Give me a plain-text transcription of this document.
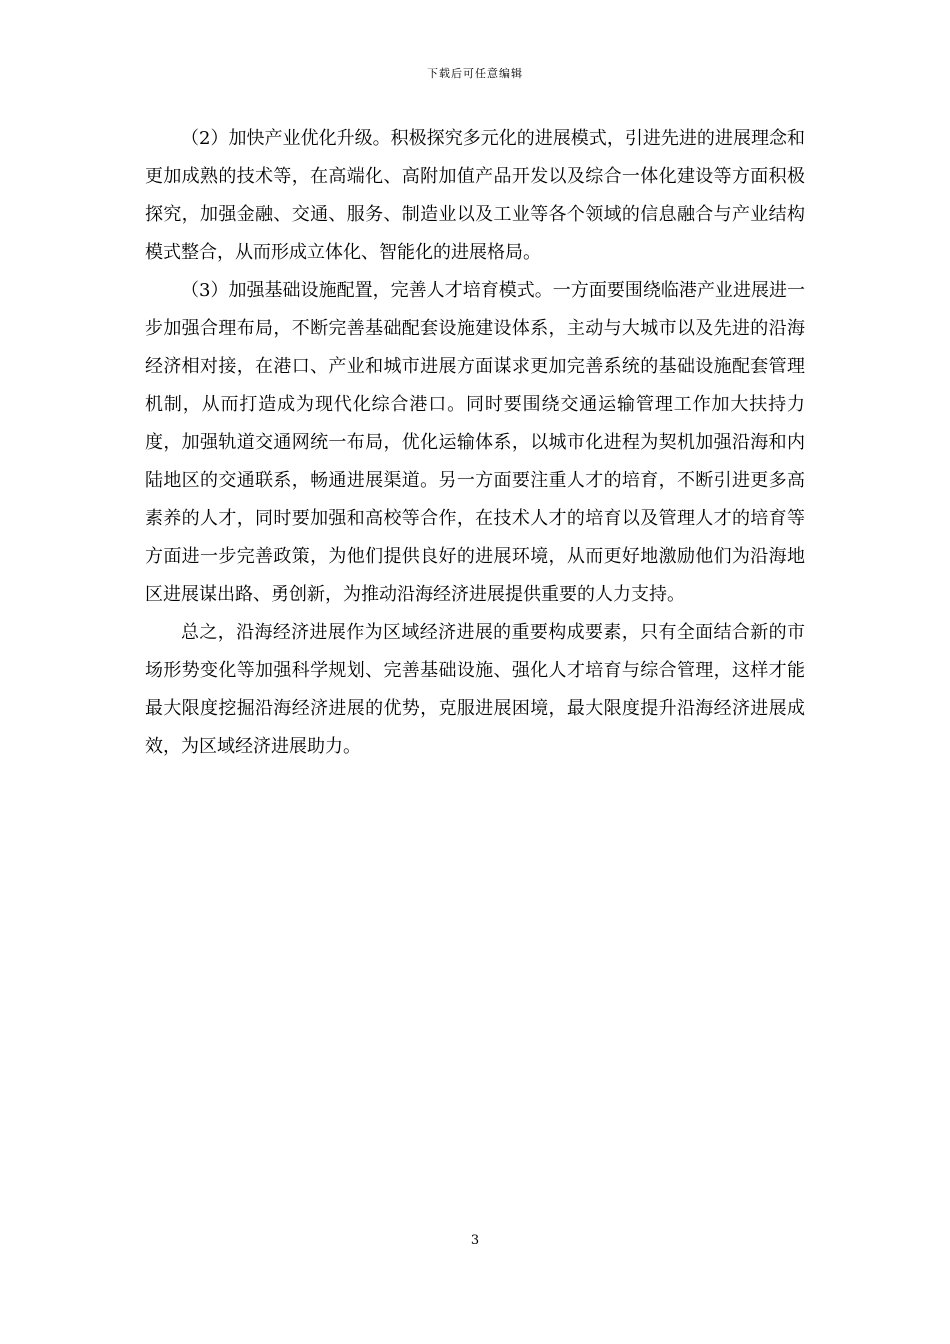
下载后可任意编辑

（2）加快产业优化升级。积极探究多元化的进展模式，引进先进的进展理念和更加成熟的技术等，在高端化、高附加值产品开发以及综合一体化建设等方面积极探究，加强金融、交通、服务、制造业以及工业等各个领域的信息融合与产业结构模式整合，从而形成立体化、智能化的进展格局。

（3）加强基础设施配置，完善人才培育模式。一方面要围绕临港产业进展进一步加强合理布局，不断完善基础配套设施建设体系，主动与大城市以及先进的沿海经济相对接，在港口、产业和城市进展方面谋求更加完善系统的基础设施配套管理机制，从而打造成为现代化综合港口。同时要围绕交通运输管理工作加大扶持力度，加强轨道交通网统一布局，优化运输体系，以城市化进程为契机加强沿海和内陆地区的交通联系，畅通进展渠道。另一方面要注重人才的培育，不断引进更多高素养的人才，同时要加强和高校等合作，在技术人才的培育以及管理人才的培育等方面进一步完善政策，为他们提供良好的进展环境，从而更好地激励他们为沿海地区进展谋出路、勇创新，为推动沿海经济进展提供重要的人力支持。

总之，沿海经济进展作为区域经济进展的重要构成要素，只有全面结合新的市场形势变化等加强科学规划、完善基础设施、强化人才培育与综合管理，这样才能最大限度挖掘沿海经济进展的优势，克服进展困境，最大限度提升沿海经济进展成效，为区域经济进展助力。

3
